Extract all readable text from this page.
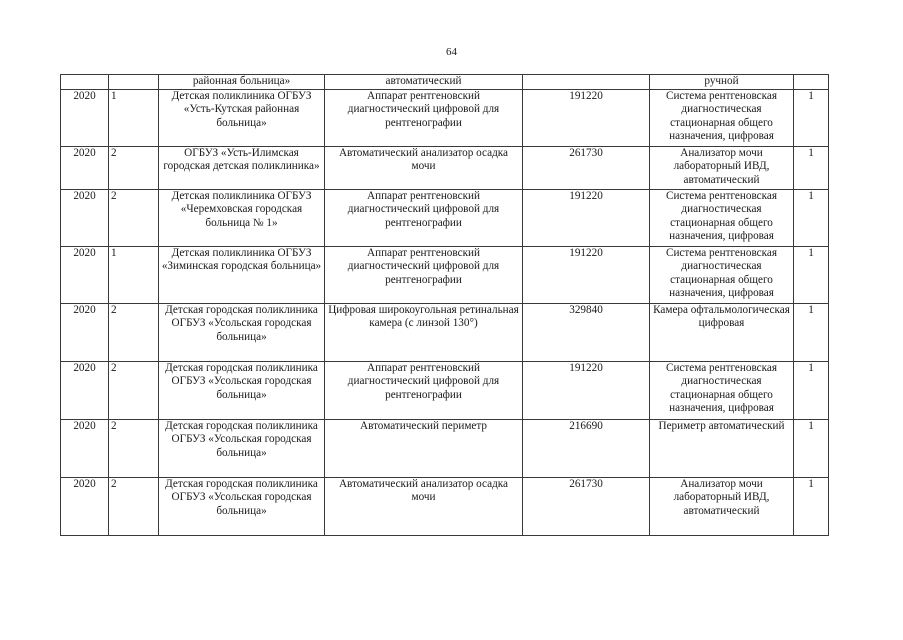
64
		районная больница»	автоматический		ручной	
2020	1	Детская поликлиника ОГБУЗ «Усть-Кутская районная больница»	Аппарат рентгеновский диагностический цифровой для рентгенографии	191220	Система рентгеновская диагностическая стационарная общего назначения, цифровая	1
2020	2	ОГБУЗ «Усть-Илимская городская детская поликлиника»	Автоматический анализатор осадка мочи	261730	Анализатор мочи лабораторный ИВД, автоматический	1
2020	2	Детская поликлиника ОГБУЗ «Черемховская городская больница № 1»	Аппарат рентгеновский диагностический цифровой для рентгенографии	191220	Система рентгеновская диагностическая стационарная общего назначения, цифровая	1
2020	1	Детская поликлиника ОГБУЗ «Зиминская городская больница»	Аппарат рентгеновский диагностический цифровой для рентгенографии	191220	Система рентгеновская диагностическая стационарная общего назначения, цифровая	1
2020	2	Детская городская поликлиника ОГБУЗ «Усольская городская больница»	Цифровая широкоугольная ретинальная камера (с линзой 130°)	329840	Камера офтальмологическая цифровая	1
2020	2	Детская городская поликлиника ОГБУЗ «Усольская городская больница»	Аппарат рентгеновский диагностический цифровой для рентгенографии	191220	Система рентгеновская диагностическая стационарная общего назначения, цифровая	1
2020	2	Детская городская поликлиника ОГБУЗ «Усольская городская больница»	Автоматический периметр	216690	Периметр автоматический	1
2020	2	Детская городская поликлиника ОГБУЗ «Усольская городская больница»	Автоматический анализатор осадка мочи	261730	Анализатор мочи лабораторный ИВД, автоматический	1
